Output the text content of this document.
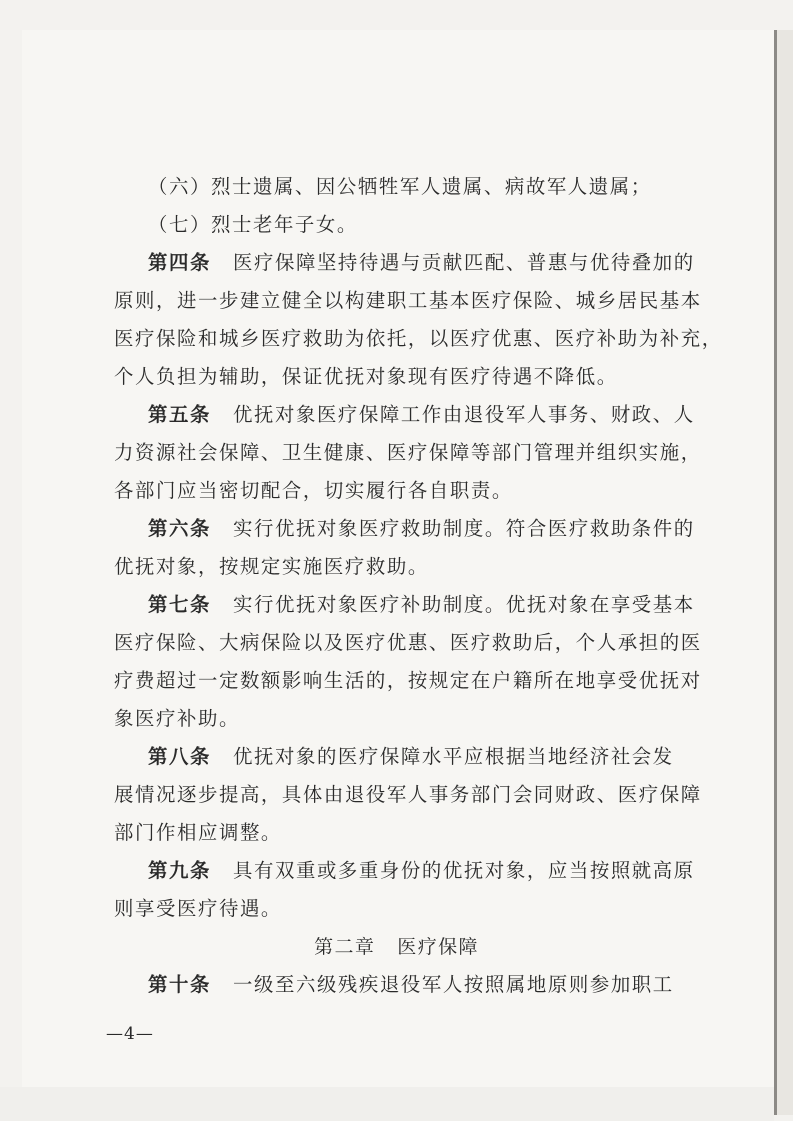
（六）烈士遗属、因公牺牲军人遗属、病故军人遗属；
（七）烈士老年子女。
第四条 医疗保障坚持待遇与贡献匹配、普惠与优待叠加的
原则，进一步建立健全以构建职工基本医疗保险、城乡居民基本
医疗保险和城乡医疗救助为依托，以医疗优惠、医疗补助为补充，
个人负担为辅助，保证优抚对象现有医疗待遇不降低。
第五条 优抚对象医疗保障工作由退役军人事务、财政、人
力资源社会保障、卫生健康、医疗保障等部门管理并组织实施，
各部门应当密切配合，切实履行各自职责。
第六条 实行优抚对象医疗救助制度。符合医疗救助条件的
优抚对象，按规定实施医疗救助。
第七条 实行优抚对象医疗补助制度。优抚对象在享受基本
医疗保险、大病保险以及医疗优惠、医疗救助后，个人承担的医
疗费超过一定数额影响生活的，按规定在户籍所在地享受优抚对
象医疗补助。
第八条 优抚对象的医疗保障水平应根据当地经济社会发
展情况逐步提高，具体由退役军人事务部门会同财政、医疗保障
部门作相应调整。
第九条 具有双重或多重身份的优抚对象，应当按照就高原
则享受医疗待遇。
第二章 医疗保障
第十条 一级至六级残疾退役军人按照属地原则参加职工
—4—
